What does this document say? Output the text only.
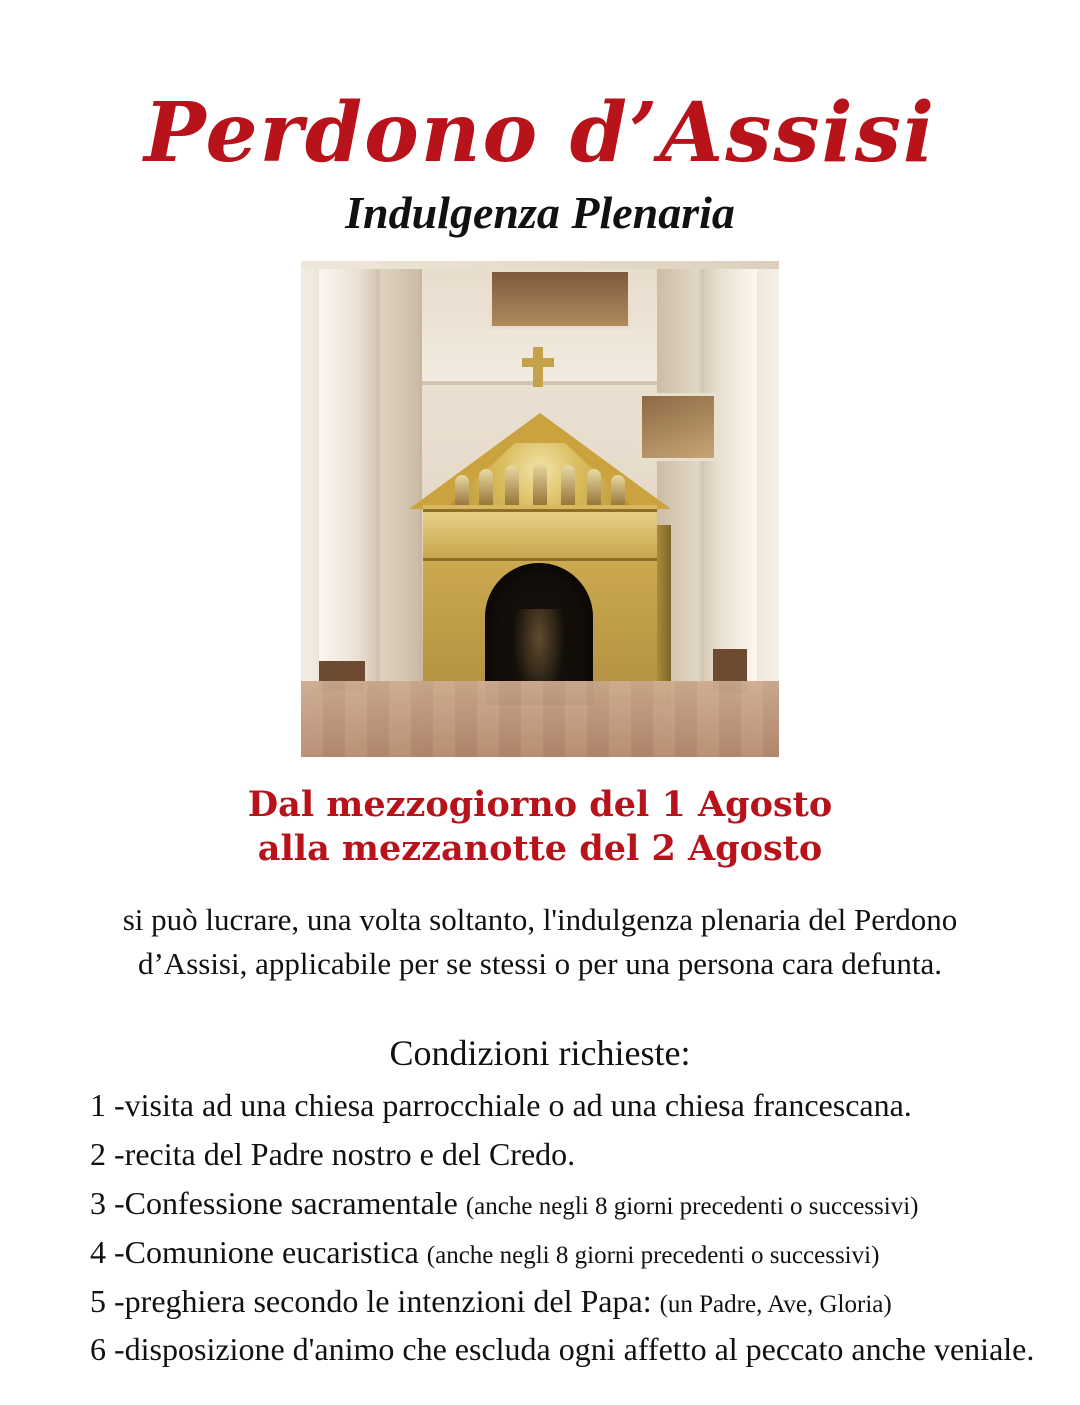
Perdono d’Assisi
Indulgenza Plenaria
Dal mezzogiorno del 1 Agosto
alla mezzanotte del 2 Agosto

si può lucrare, una volta soltanto, l'indulgenza plenaria del Perdono d’Assisi, applicabile per se stessi o per una persona cara defunta.

Condizioni richieste:
1 -visita ad una chiesa parrocchiale o ad una chiesa francescana.
2 -recita del Padre nostro e del Credo.
3 -Confessione sacramentale (anche negli 8 giorni precedenti o successivi)
4 -Comunione eucaristica (anche negli 8 giorni precedenti o successivi)
5 -preghiera secondo le intenzioni del Papa: (un Padre, Ave, Gloria)
6 -disposizione d'animo che escluda ogni affetto al peccato anche veniale.
